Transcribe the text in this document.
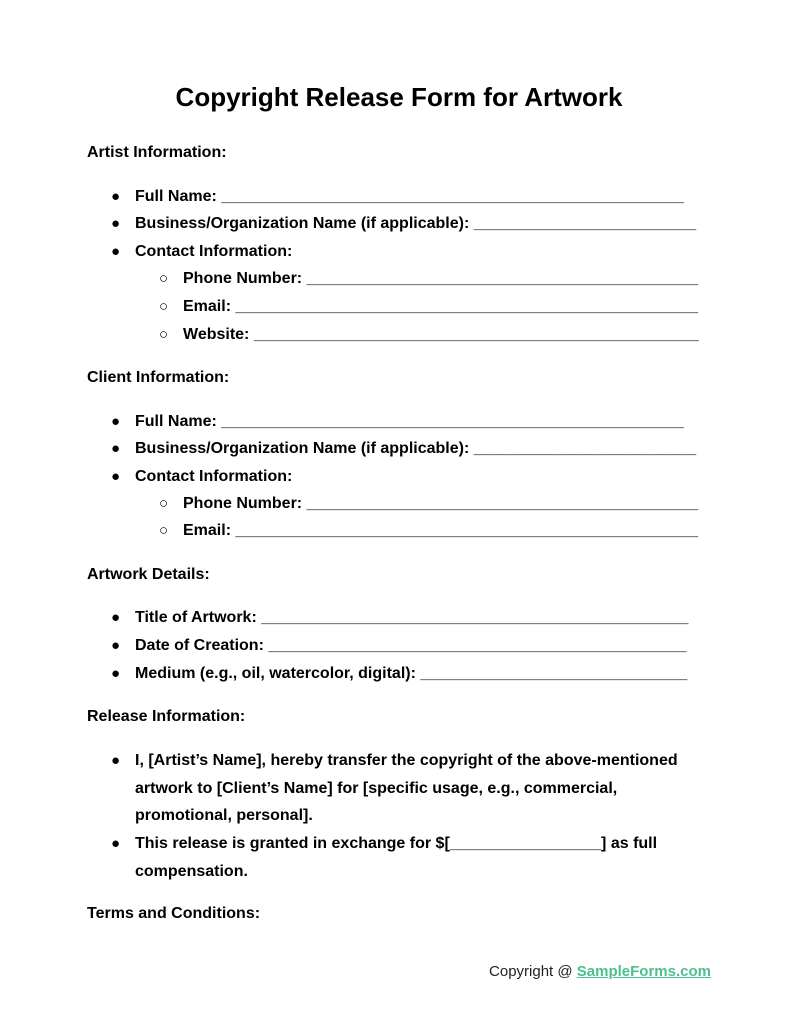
Copyright Release Form for Artwork
Artist Information:
● Full Name: ____________________________________________________
● Business/Organization Name (if applicable): _________________________
● Contact Information:
○ Phone Number: ____________________________________________
○ Email: ____________________________________________________
○ Website: __________________________________________________
Client Information:
● Full Name: ____________________________________________________
● Business/Organization Name (if applicable): _________________________
● Contact Information:
○ Phone Number: ____________________________________________
○ Email: ____________________________________________________
Artwork Details:
● Title of Artwork: ________________________________________________
● Date of Creation: _______________________________________________
● Medium (e.g., oil, watercolor, digital): ______________________________
Release Information:
● I, [Artist’s Name], hereby transfer the copyright of the above-mentioned artwork to [Client’s Name] for [specific usage, e.g., commercial, promotional, personal].
● This release is granted in exchange for $[_________________] as full compensation.
Terms and Conditions:
Copyright @ SampleForms.com
